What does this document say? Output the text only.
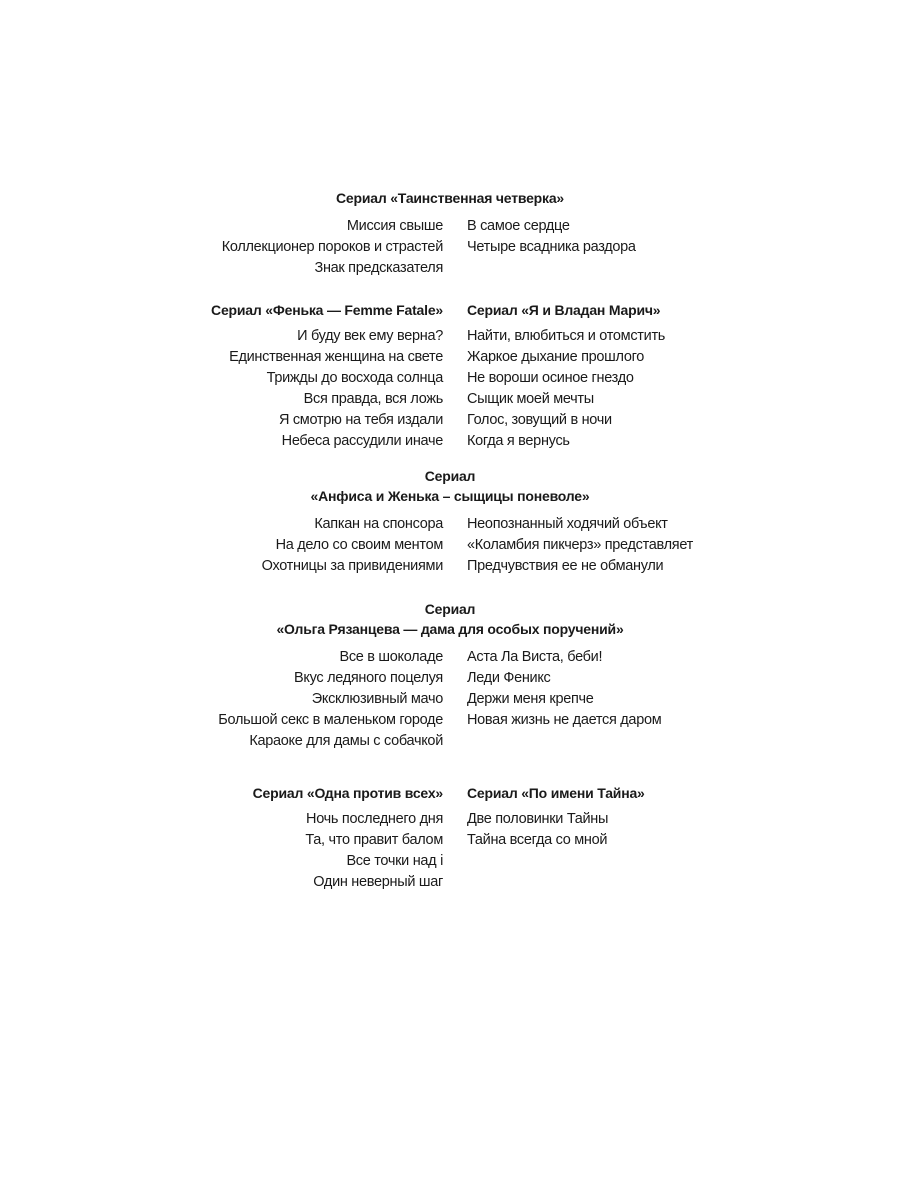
Сериал «Таинственная четверка»
Миссия свыше
Коллекционер пороков и страстей
Знак предсказателя
В самое сердце
Четыре всадника раздора
Сериал «Фенька — Femme Fatale»
И буду век ему верна?
Единственная женщина на свете
Трижды до восхода солнца
Вся правда, вся ложь
Я смотрю на тебя издали
Небеса рассудили иначе
Сериал «Я и Владан Марич»
Найти, влюбиться и отомстить
Жаркое дыхание прошлого
Не вороши осиное гнездо
Сыщик моей мечты
Голос, зовущий в ночи
Когда я вернусь
Сериал
«Анфиса и Женька – сыщицы поневоле»
Капкан на спонсора
На дело со своим ментом
Охотницы за привидениями
Неопознанный ходячий объект
«Коламбия пикчерз» представляет
Предчувствия ее не обманули
Сериал
«Ольга Рязанцева — дама для особых поручений»
Все в шоколаде
Вкус ледяного поцелуя
Эксклюзивный мачо
Большой секс в маленьком городе
Караоке для дамы с собачкой
Аста Ла Виста, беби!
Леди Феникс
Держи меня крепче
Новая жизнь не дается даром
Сериал «Одна против всех»
Ночь последнего дня
Та, что правит балом
Все точки над i
Один неверный шаг
Сериал «По имени Тайна»
Две половинки Тайны
Тайна всегда со мной
